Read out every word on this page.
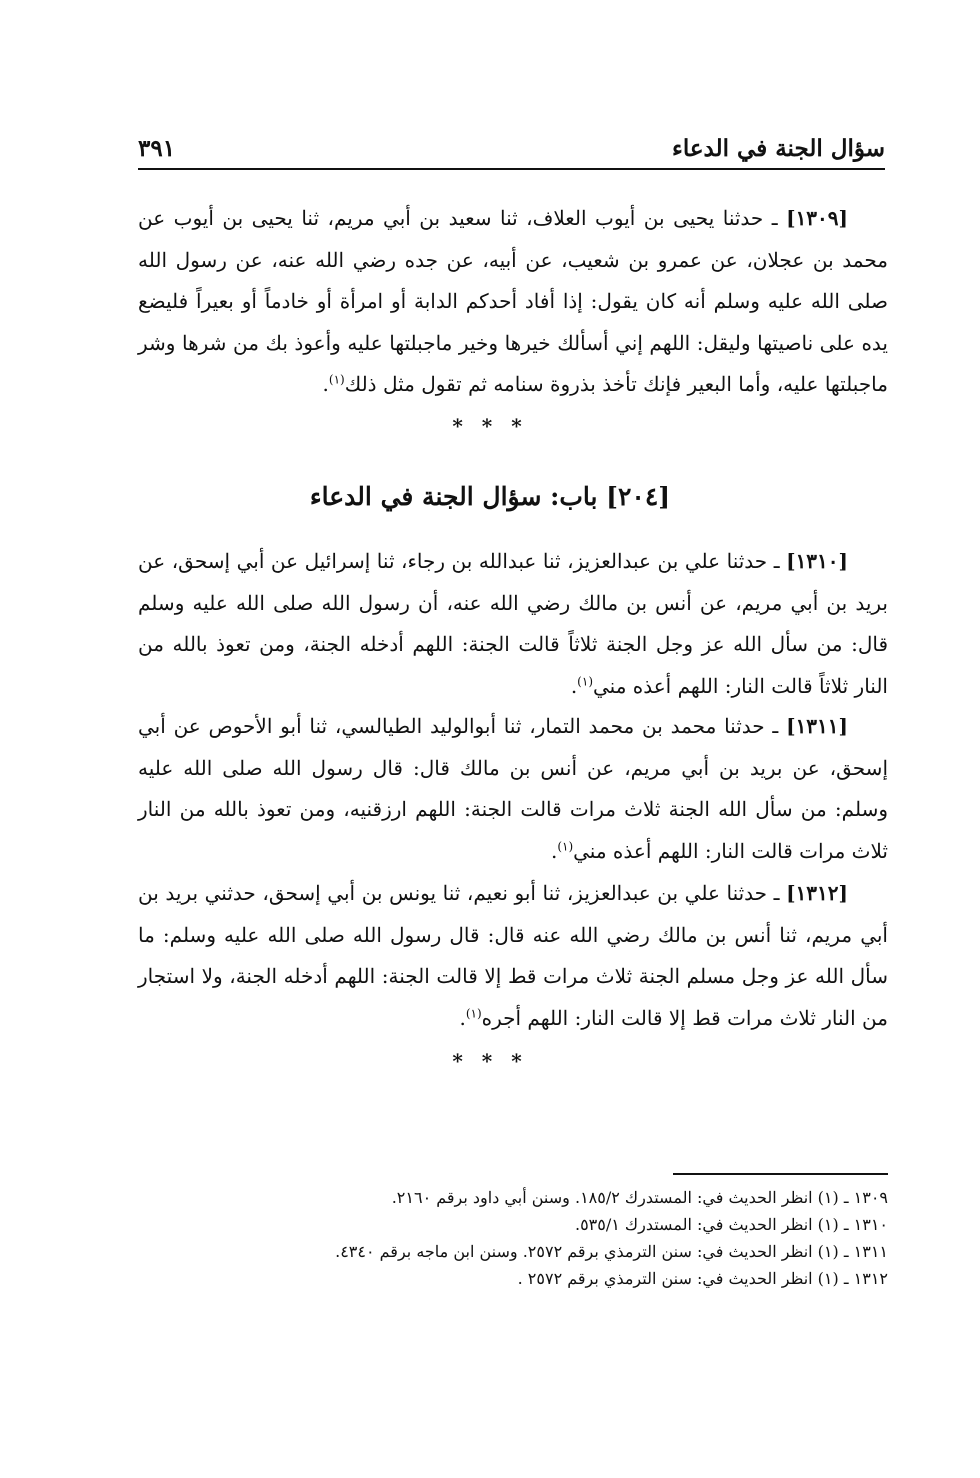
سؤال الجنة في الدعاء
٣٩١

  [١٣٠٩] ـ حدثنا يحيى بن أيوب العلاف، ثنا سعيد بن أبي مريم، ثنا يحيى بن أيوب عن محمد بن عجلان، عن عمرو بن شعيب، عن أبيه، عن جده رضي الله عنه، عن رسول الله صلى الله عليه وسلم أنه كان يقول: إذا أفاد أحدكم الدابة أو امرأة أو خادماً أو بعيراً فليضع يده على ناصيتها وليقل: اللهم إني أسألك خيرها وخير ماجبلتها عليه وأعوذ بك من شرها وشر ماجبلتها عليه، وأما البعير فإنك تأخذ بذروة سنامه ثم تقول مثل ذلك$^{(١)}$.

* * *
[٢٠٤] باب: سؤال الجنة في الدعاء

  [١٣١٠] ـ حدثنا علي بن عبدالعزيز، ثنا عبدالله بن رجاء، ثنا إسرائيل عن أبي إسحق، عن بريد بن أبي مريم، عن أنس بن مالك رضي الله عنه، أن رسول الله صلى الله عليه وسلم قال: من سأل الله عز وجل الجنة ثلاثاً قالت الجنة: اللهم أدخله الجنة، ومن تعوذ بالله من النار ثلاثاً قالت النار: اللهم أعذه مني$^{(١)}$.

  [١٣١١] ـ حدثنا محمد بن محمد التمار، ثنا أبوالوليد الطيالسي، ثنا أبو الأحوص عن أبي إسحق، عن بريد بن أبي مريم، عن أنس بن مالك قال: قال رسول الله صلى الله عليه وسلم: من سأل الله الجنة ثلاث مرات قالت الجنة: اللهم ارزقنيه، ومن تعوذ بالله من النار ثلاث مرات قالت النار: اللهم أعذه مني$^{(١)}$.

  [١٣١٢] ـ حدثنا علي بن عبدالعزيز، ثنا أبو نعيم، ثنا يونس بن أبي إسحق، حدثني بريد بن أبي مريم، ثنا أنس بن مالك رضي الله عنه قال: قال رسول الله صلى الله عليه وسلم: ما سأل الله عز وجل مسلم الجنة ثلاث مرات قط إلا قالت الجنة: اللهم أدخله الجنة، ولا استجار من النار ثلاث مرات قط إلا قالت النار: اللهم أجره$^{(١)}$.

* * *
١٣٠٩ ـ (١) انظر الحديث في: المستدرك ١٨٥/٢. وسنن أبي داود برقم ٢١٦٠.
١٣١٠ ـ (١) انظر الحديث في: المستدرك ٥٣٥/١.
١٣١١ ـ (١) انظر الحديث في: سنن الترمذي برقم ٢٥٧٢. وسنن ابن ماجه برقم ٤٣٤٠.
١٣١٢ ـ (١) انظر الحديث في: سنن الترمذي برقم ٢٥٧٢ .
